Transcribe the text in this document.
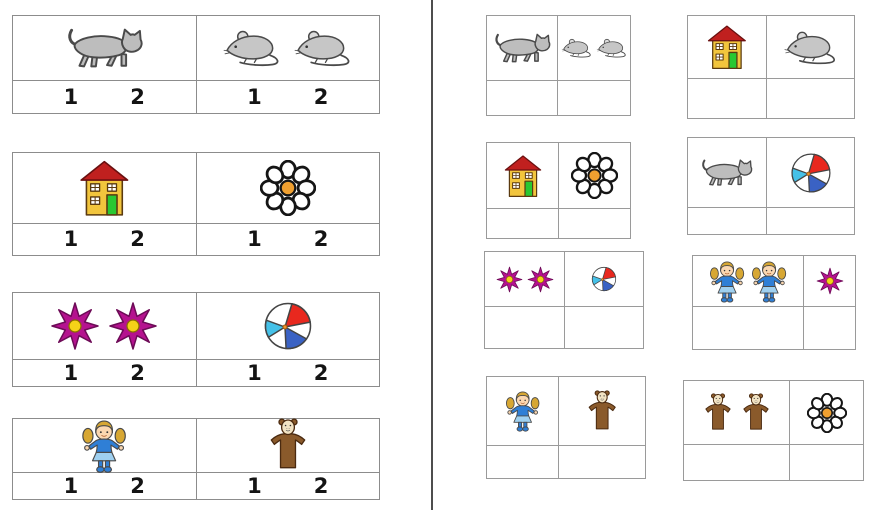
1 2	1 2
1 2	1 2
1 2	1 2
1 2	1 2
